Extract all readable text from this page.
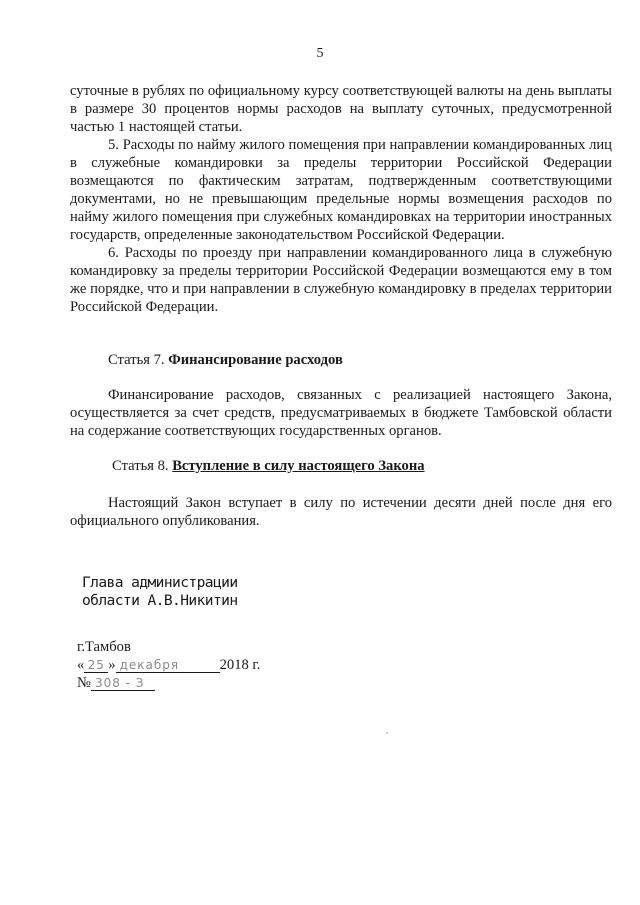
5

суточные в рублях по официальному курсу соответствующей валюты на день выплаты в размере 30 процентов нормы расходов на выплату суточных, предусмотренной частью 1 настоящей статьи.

5. Расходы по найму жилого помещения при направлении командированных лиц в служебные командировки за пределы территории Российской Федерации возмещаются по фактическим затратам, подтвержденным соответствующими документами, но не превышающим предельные нормы возмещения расходов по найму жилого помещения при служебных командировках на территории иностранных государств, определенные законодательством Российской Федерации.

6. Расходы по проезду при направлении командированного лица в служебную командировку за пределы территории Российской Федерации возмещаются ему в том же порядке, что и при направлении в служебную командировку в пределах территории Российской Федерации.

Статья 7. Финансирование расходов

Финансирование расходов, связанных с реализацией настоящего Закона, осуществляется за счет средств, предусматриваемых в бюджете Тамбовской области на содержание соответствующих государственных органов.

Статья 8. Вступление в силу настоящего Закона

Настоящий Закон вступает в силу по истечении десяти дней после дня его официального опубликования.

Глава администрации
области А.В.Никитин
г.Тамбов
« 25 » декабря	2018 г.
№ 308 - З
